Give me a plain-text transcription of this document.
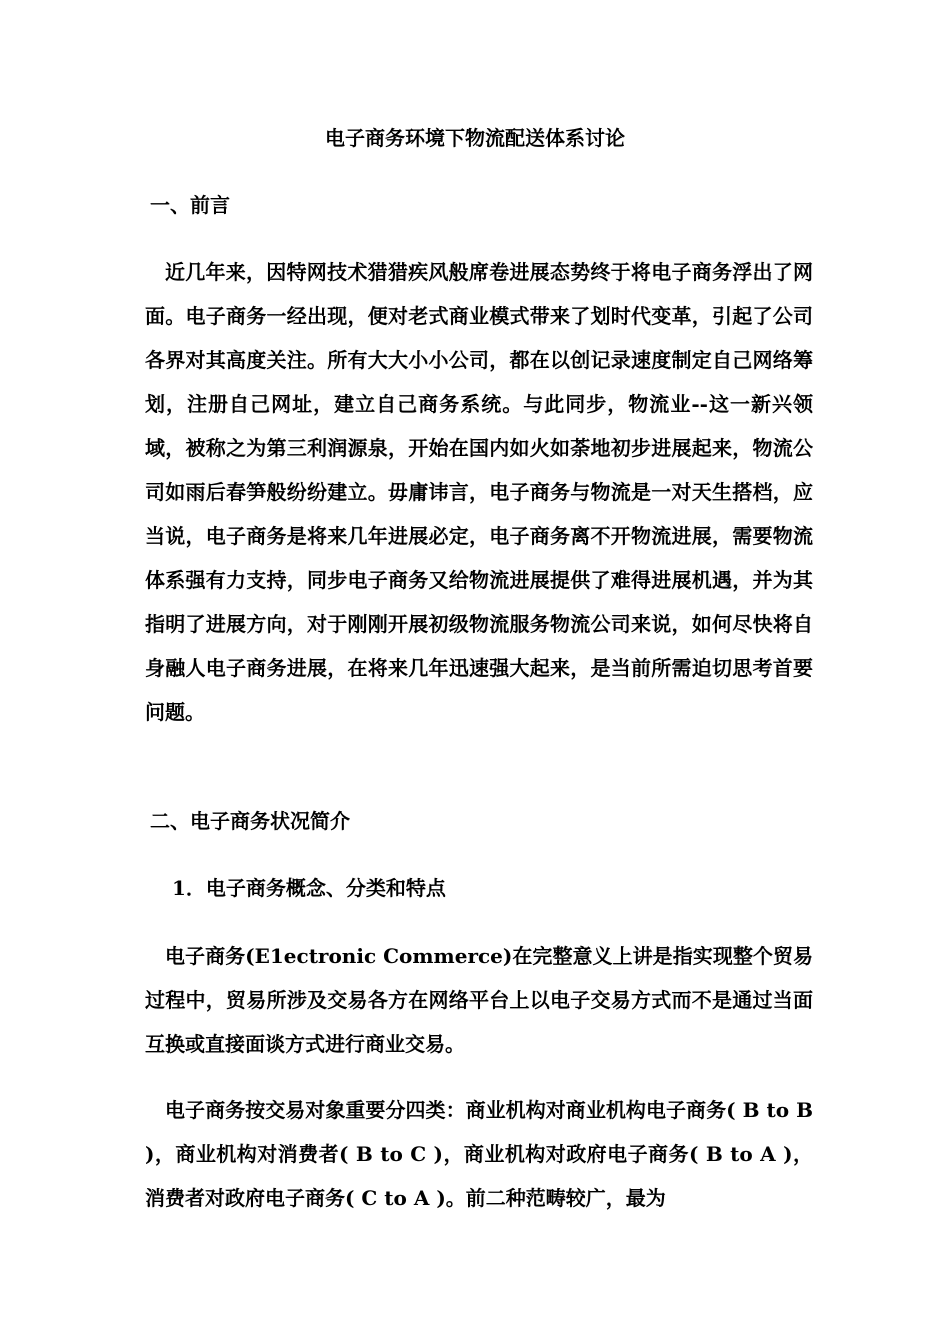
电子商务环境下物流配送体系讨论
一、前言
近几年来，因特网技术猎猎疾风般席卷进展态势终于将电子商务浮出了网面。电子商务一经出现，便对老式商业模式带来了划时代变革，引起了公司各界对其高度关注。所有大大小小公司，都在以创记录速度制定自己网络筹划，注册自己网址，建立自己商务系统。与此同步，物流业--这一新兴领域，被称之为第三利润源泉，开始在国内如火如荼地初步进展起来，物流公司如雨后春笋般纷纷建立。毋庸讳言，电子商务与物流是一对天生搭档，应当说，电子商务是将来几年进展必定，电子商务离不开物流进展，需要物流体系强有力支持，同步电子商务又给物流进展提供了难得进展机遇，并为其指明了进展方向，对于刚刚开展初级物流服务物流公司来说，如何尽快将自身融人电子商务进展，在将来几年迅速强大起来，是当前所需迫切思考首要问题。
二、电子商务状况简介
1．电子商务概念、分类和特点
电子商务(E1ectronic Commerce)在完整意义上讲是指实现整个贸易过程中，贸易所涉及交易各方在网络平台上以电子交易方式而不是通过当面互换或直接面谈方式进行商业交易。
电子商务按交易对象重要分四类：商业机构对商业机构电子商务( B to B )，商业机构对消费者( B to C )，商业机构对政府电子商务( B to A )，消费者对政府电子商务( C to A )。前二种范畴较广，最为
